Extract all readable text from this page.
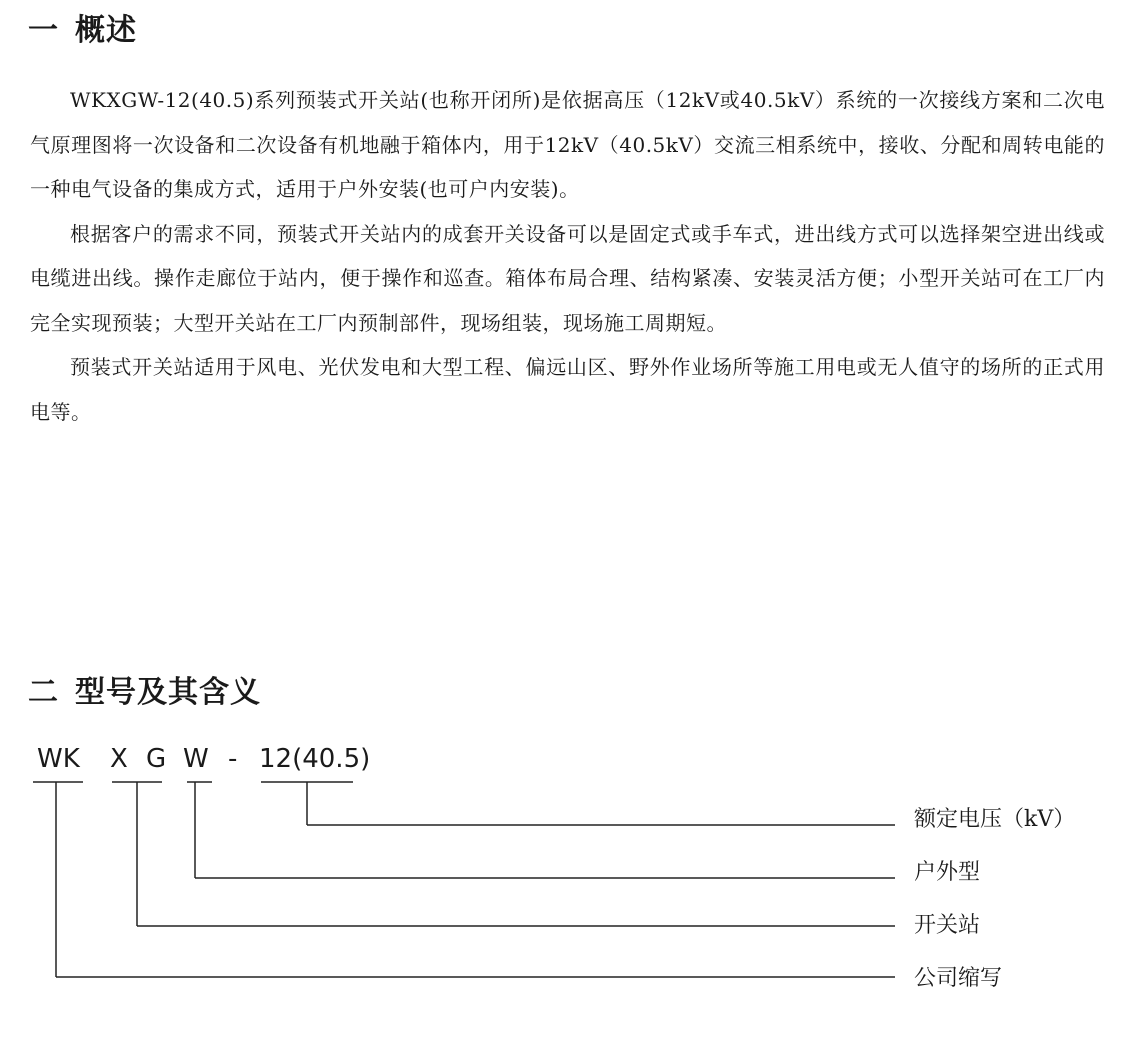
一 概述

WKXGW-12(40.5)系列预装式开关站(也称开闭所)是依据高压（12kV或40.5kV）系统的一次接线方案和二次电气原理图将一次设备和二次设备有机地融于箱体内，用于12kV（40.5kV）交流三相系统中，接收、分配和周转电能的一种电气设备的集成方式，适用于户外安装(也可户内安装)。

根据客户的需求不同，预装式开关站内的成套开关设备可以是固定式或手车式，进出线方式可以选择架空进出线或电缆进出线。操作走廊位于站内，便于操作和巡查。箱体布局合理、结构紧凑、安装灵活方便；小型开关站可在工厂内完全实现预装；大型开关站在工厂内预制部件，现场组装，现场施工周期短。

预装式开关站适用于风电、光伏发电和大型工程、偏远山区、野外作业场所等施工用电或无人值守的场所的正式用电等。

二 型号及其含义
WK X G W - 12(40.5)
额定电压（kV）
户外型
开关站
公司缩写
